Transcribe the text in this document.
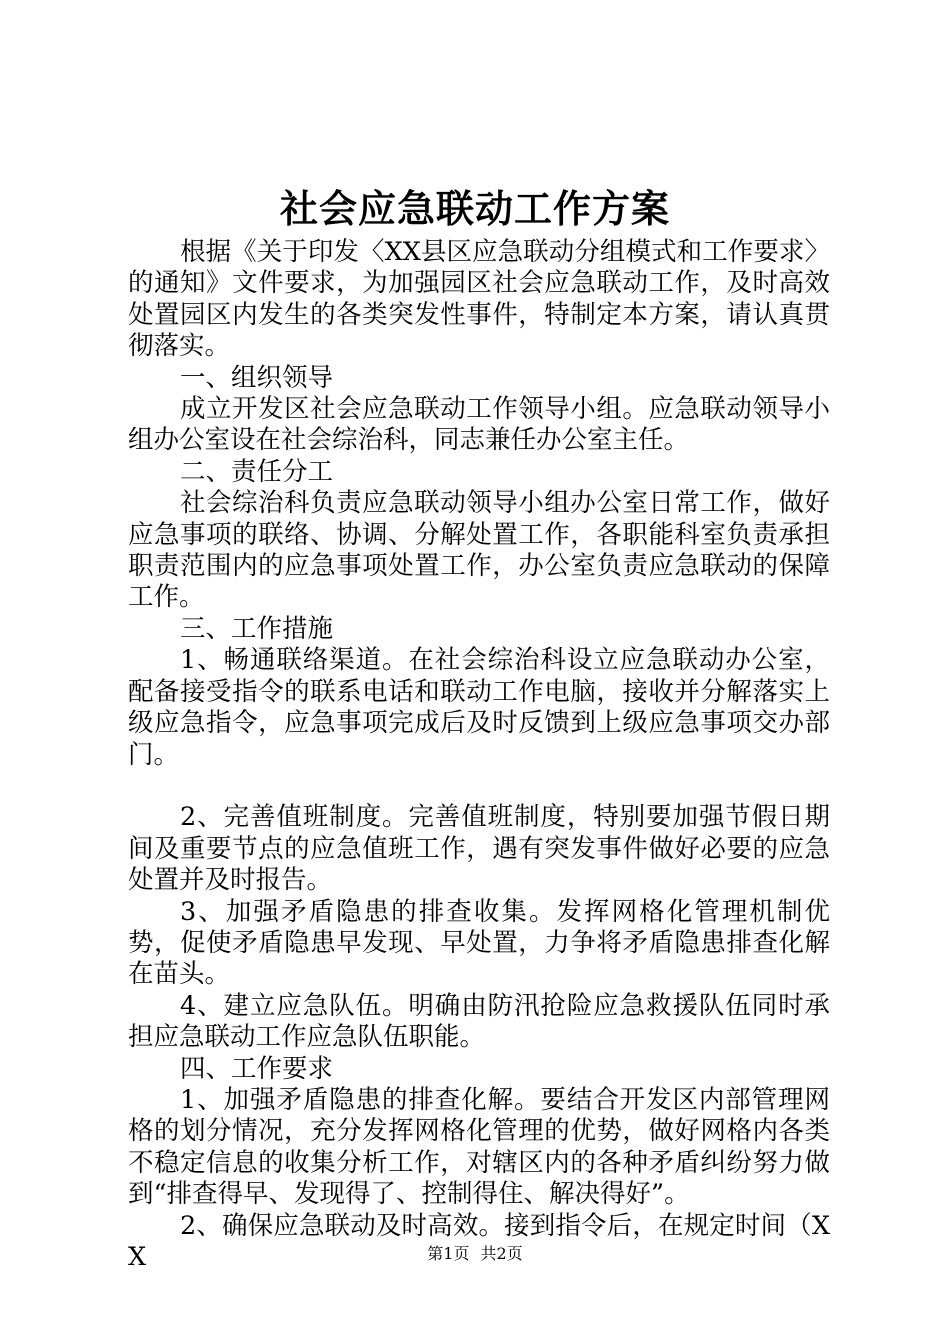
社会应急联动工作方案

根据《关于印发〈XX县区应急联动分组模式和工作要求〉的通知》文件要求，为加强园区社会应急联动工作，及时高效处置园区内发生的各类突发性事件，特制定本方案，请认真贯彻落实。

一、组织领导

成立开发区社会应急联动工作领导小组。应急联动领导小组办公室设在社会综治科，同志兼任办公室主任。

二、责任分工

社会综治科负责应急联动领导小组办公室日常工作，做好应急事项的联络、协调、分解处置工作，各职能科室负责承担职责范围内的应急事项处置工作，办公室负责应急联动的保障工作。

三、工作措施

1、畅通联络渠道。在社会综治科设立应急联动办公室，配备接受指令的联系电话和联动工作电脑，接收并分解落实上级应急指令，应急事项完成后及时反馈到上级应急事项交办部门。

2、完善值班制度。完善值班制度，特别要加强节假日期间及重要节点的应急值班工作，遇有突发事件做好必要的应急处置并及时报告。

3、加强矛盾隐患的排查收集。发挥网格化管理机制优势，促使矛盾隐患早发现、早处置，力争将矛盾隐患排查化解在苗头。

4、建立应急队伍。明确由防汛抢险应急救援队伍同时承担应急联动工作应急队伍职能。

四、工作要求

1、加强矛盾隐患的排查化解。要结合开发区内部管理网格的划分情况，充分发挥网格化管理的优势，做好网格内各类不稳定信息的收集分析工作，对辖区内的各种矛盾纠纷努力做到“排查得早、发现得了、控制得住、解决得好”。

2、确保应急联动及时高效。接到指令后，在规定时间（XX	第1页 共2页
